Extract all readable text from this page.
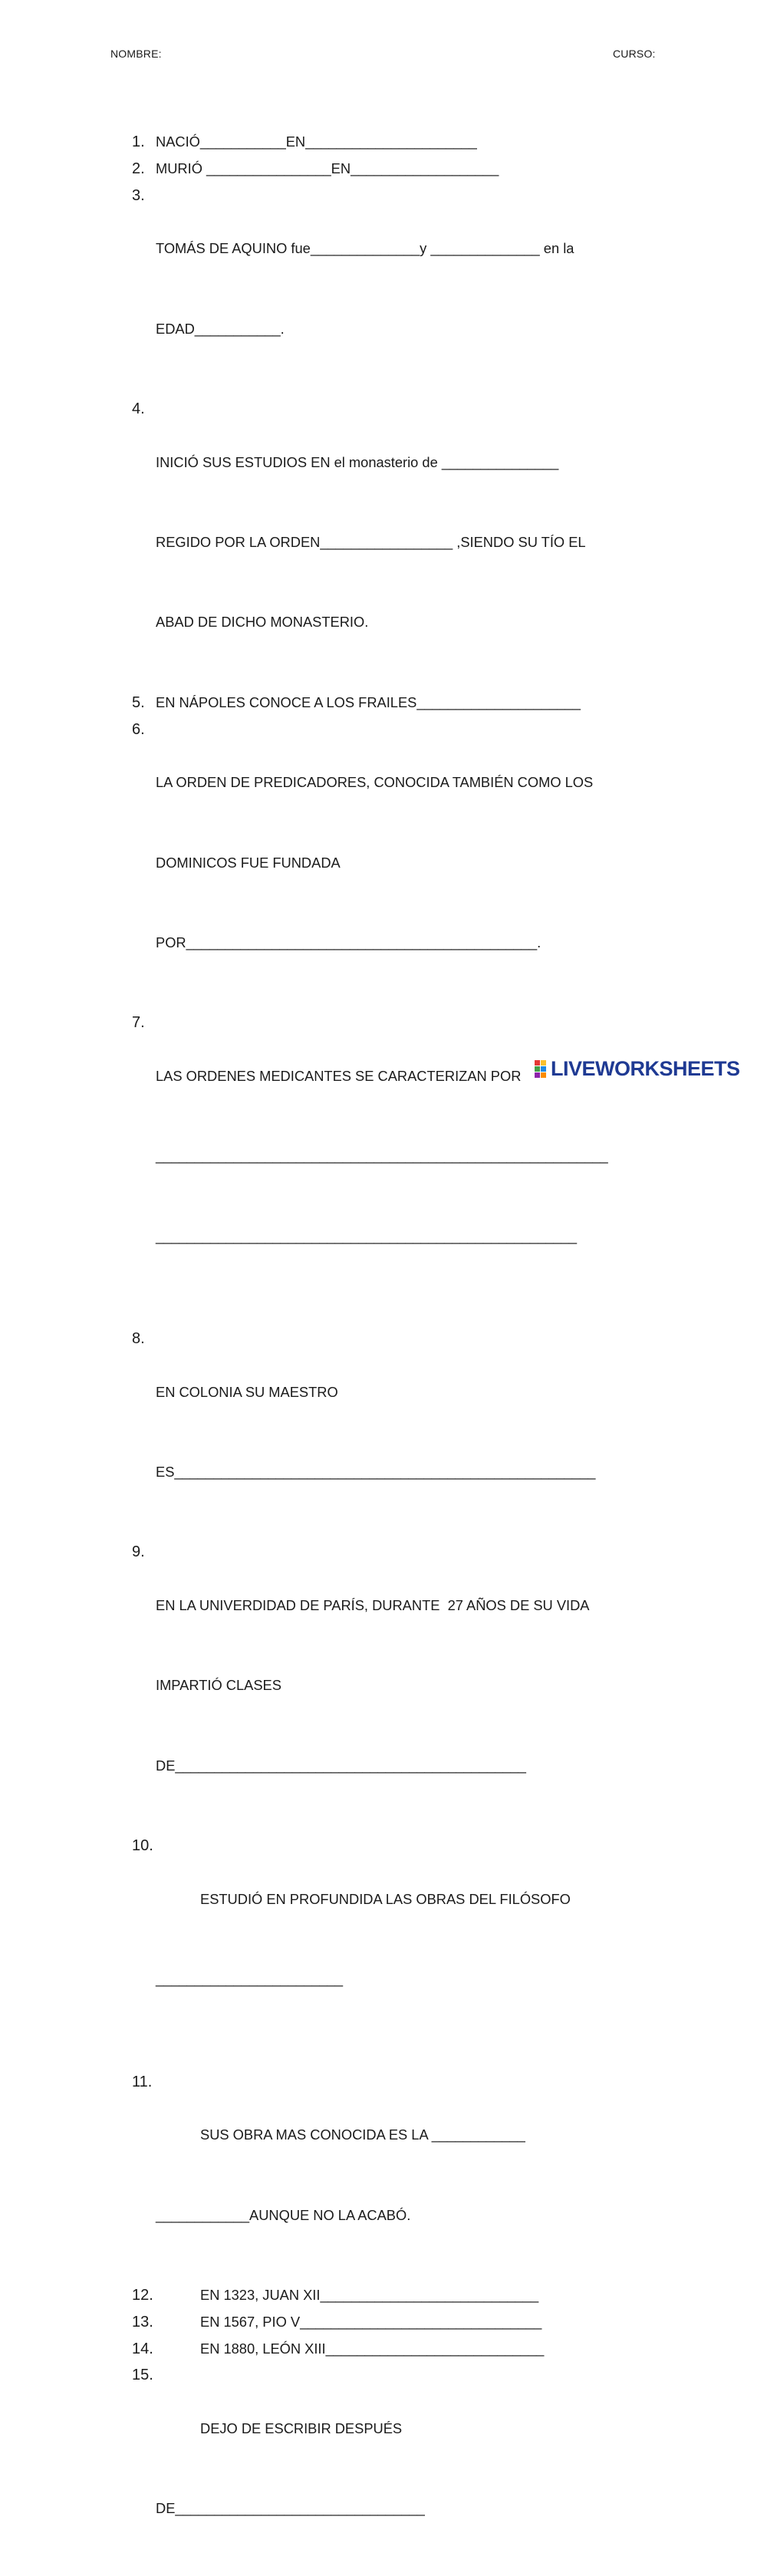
NOMBRE:	CURSO:
1. NACIÓ___________EN______________________
2. MURIÓ ________________EN___________________
3.

TOMÁS DE AQUINO fue______________y ______________ en la

EDAD___________.

4.

INICIÓ SUS ESTUDIOS EN el monasterio de _______________

REGIDO POR LA ORDEN_________________ ,SIENDO SU TÍO EL

ABAD DE DICHO MONASTERIO.

5. EN NÁPOLES CONOCE A LOS FRAILES_____________________
6.

LA ORDEN DE PREDICADORES, CONOCIDA TAMBIÉN COMO LOS

DOMINICOS FUE FUNDADA

POR_____________________________________________.

7.

LAS ORDENES MEDICANTES SE CARACTERIZAN POR

__________________________________________________________

______________________________________________________

8.

EN COLONIA SU MAESTRO

ES______________________________________________________

9.

EN LA UNIVERDIDAD DE PARÍS, DURANTE  27 AÑOS DE SU VIDA

IMPARTIÓ CLASES

DE_____________________________________________

10.

ESTUDIÓ EN PROFUNDIDA LAS OBRAS DEL FILÓSOFO

________________________

11.

SUS OBRA MAS CONOCIDA ES LA ____________

____________AUNQUE NO LA ACABÓ.

12.	EN 1323, JUAN XII____________________________
13.	EN 1567, PIO V_______________________________
14.	EN 1880, LEÓN XIII____________________________
15.

DEJO DE ESCRIBIR DESPUÉS

DE________________________________

LIVEWORKSHEETS
